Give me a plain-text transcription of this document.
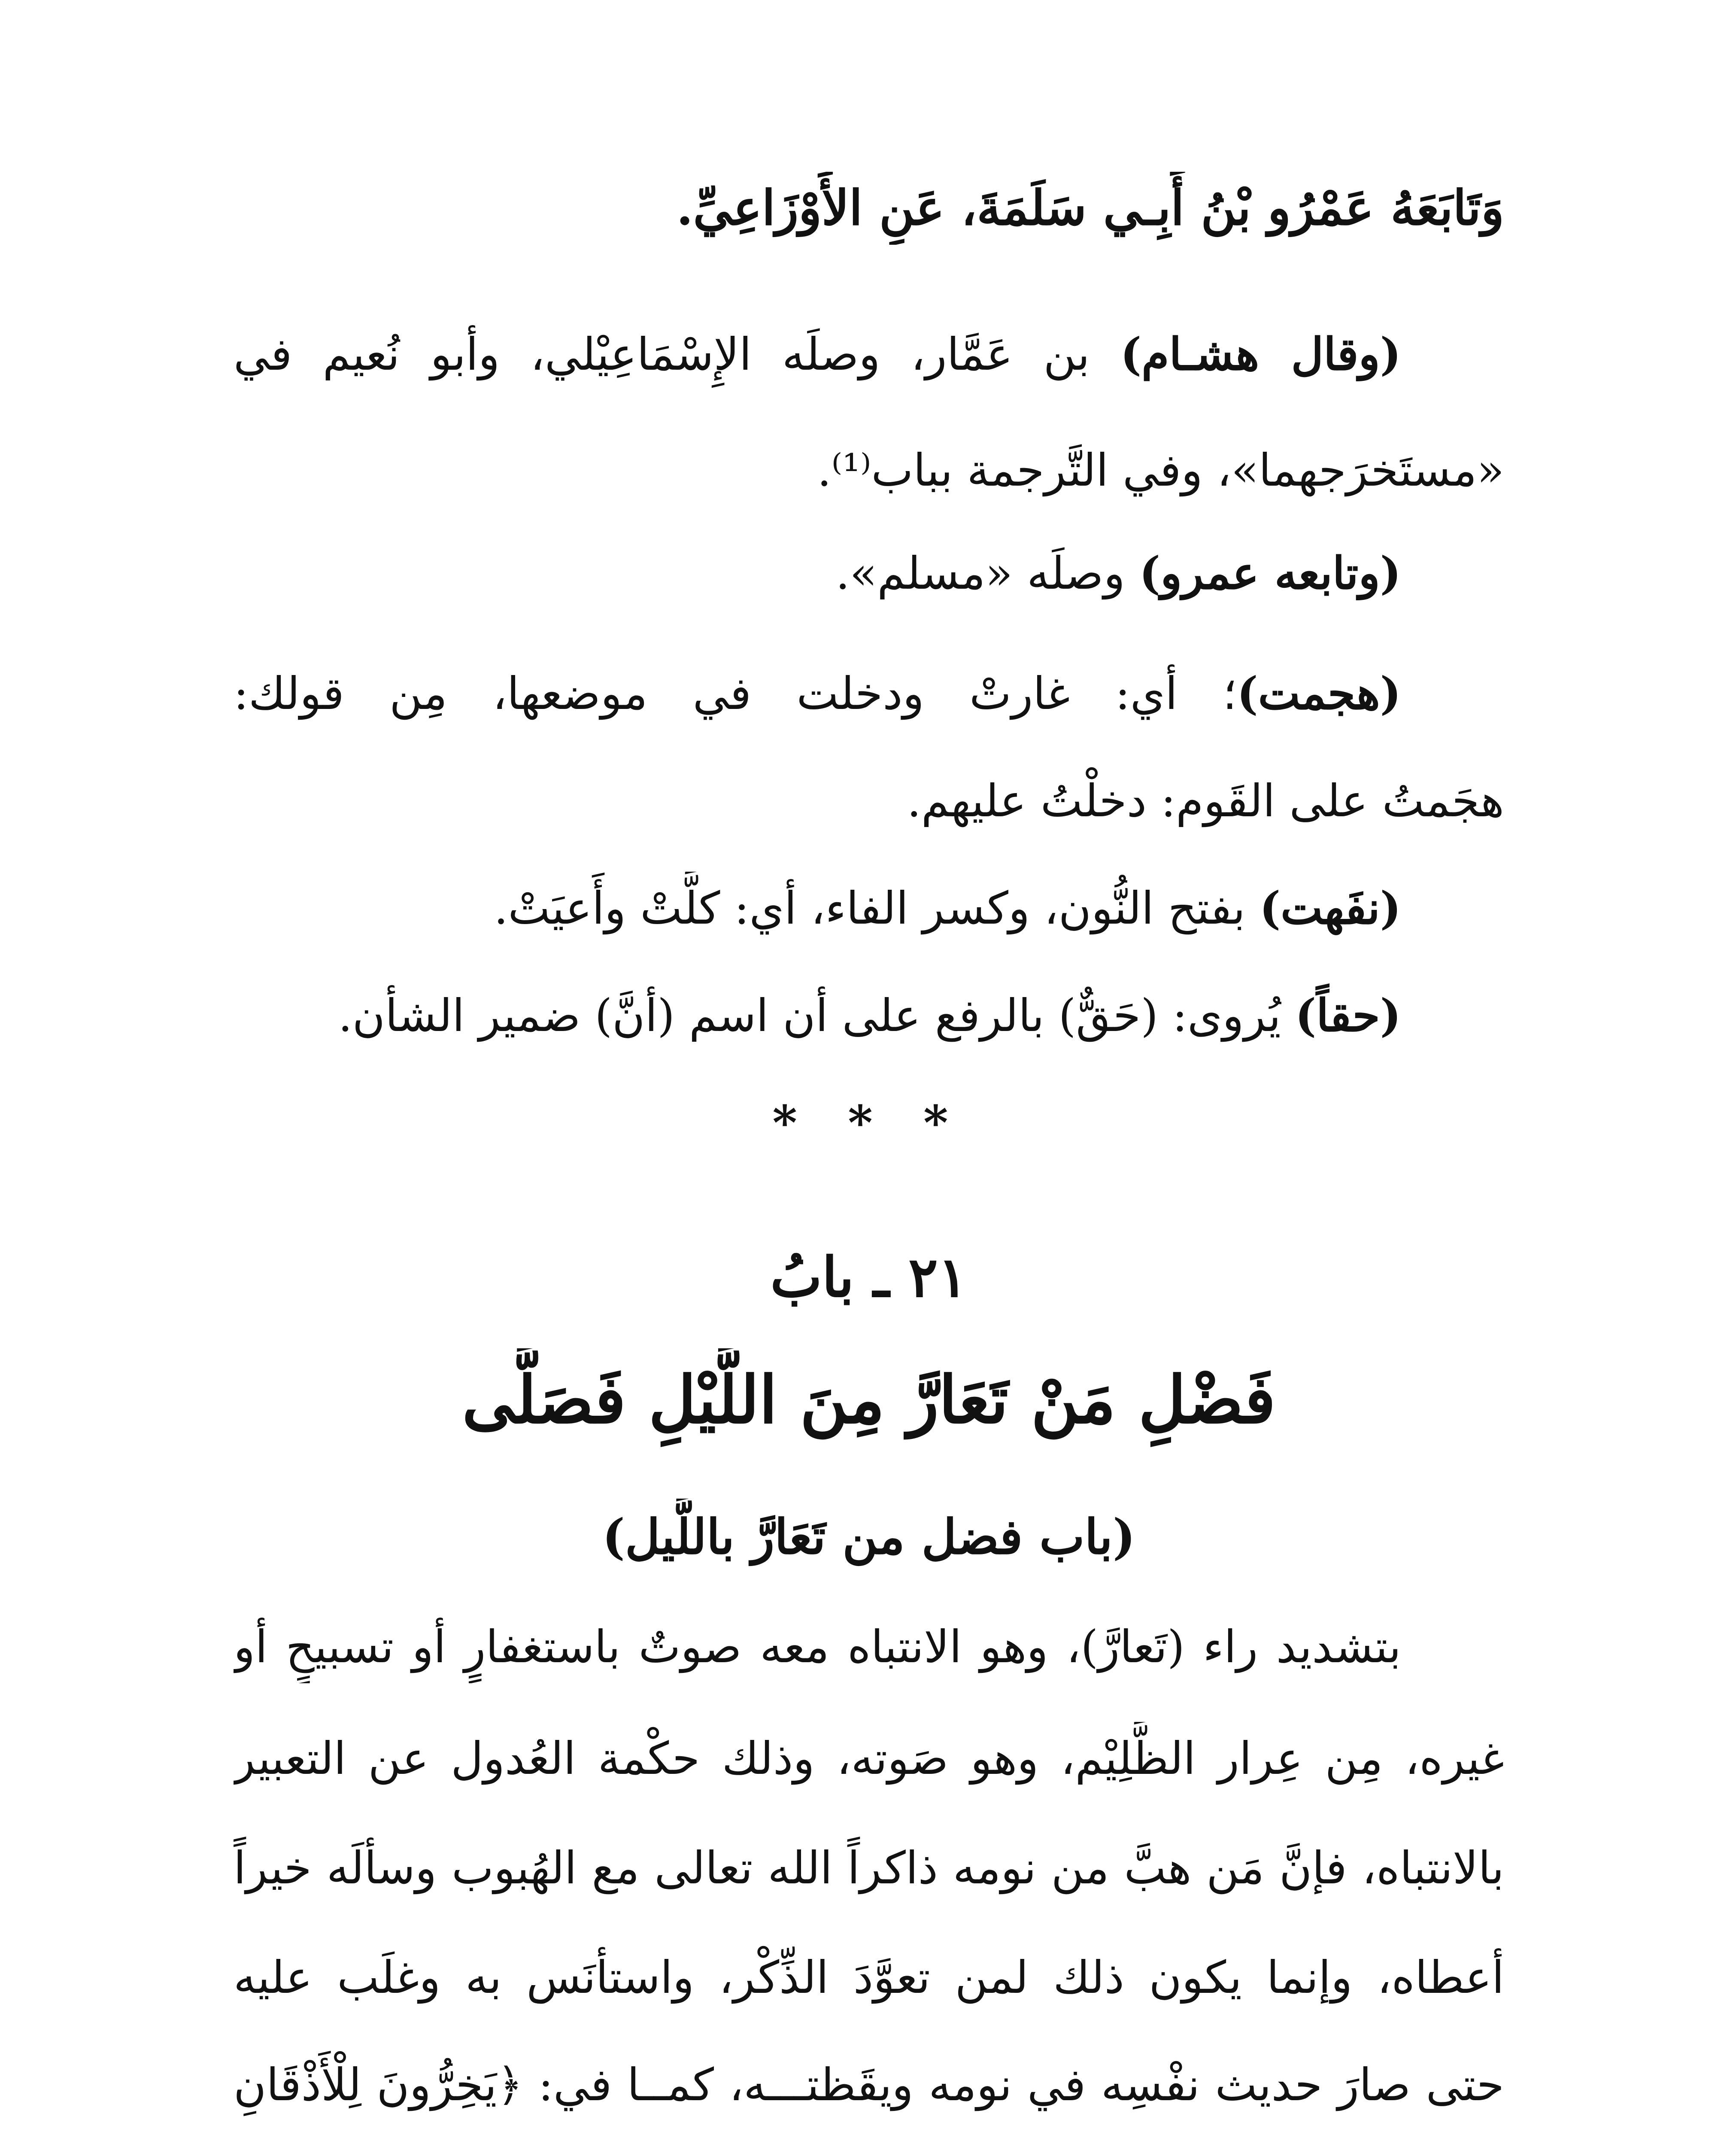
وَتَابَعَهُ عَمْرُو بْنُ أَبِـي سَلَمَةَ، عَنِ الأَوْزَاعِيِّ.
(وقال هشـام) بن عَمَّار، وصلَه الإِسْمَاعِيْلي، وأبو نُعيم في
«مستَخرَجهما»، وفي التَّرجمة بباب⁽¹⁾.
(وتابعه عمرو) وصلَه «مسلم».
(هجمت)؛ أي: غارتْ ودخلت في موضعها، مِن قولك:
هجَمتُ على القَوم: دخلْتُ عليهم.
(نفَهت) بفتح النُّون، وكسر الفاء، أي: كلَّتْ وأَعيَتْ.
(حقاً) يُروى: (حَقٌّ) بالرفع على أن اسم (أنَّ) ضمير الشأن.
* * *
٢١ ـ بابُ
فَضْلِ مَنْ تَعَارَّ مِنَ اللَّيْلِ فَصَلَّى
(باب فضل من تَعَارَّ باللَّيل)
بتشديد راء (تَعارَّ)، وهو الانتباه معه صوتٌ باستغفارٍ أو تسبيحٍ أو
غيره، مِن عِرار الظَّلِيْم، وهو صَوته، وذلك حكْمة العُدول عن التعبير
بالانتباه، فإنَّ مَن هبَّ من نومه ذاكراً الله تعالى مع الهُبوب وسألَه خيراً
أعطاه، وإنما يكون ذلك لمن تعوَّدَ الذِّكْر، واستأنَس به وغلَب عليه
حتى صارَ حديث نفْسِه في نومه ويقَظتـــه، كمــا في: ﴿يَخِرُّونَ لِلْأَذْقَانِ
